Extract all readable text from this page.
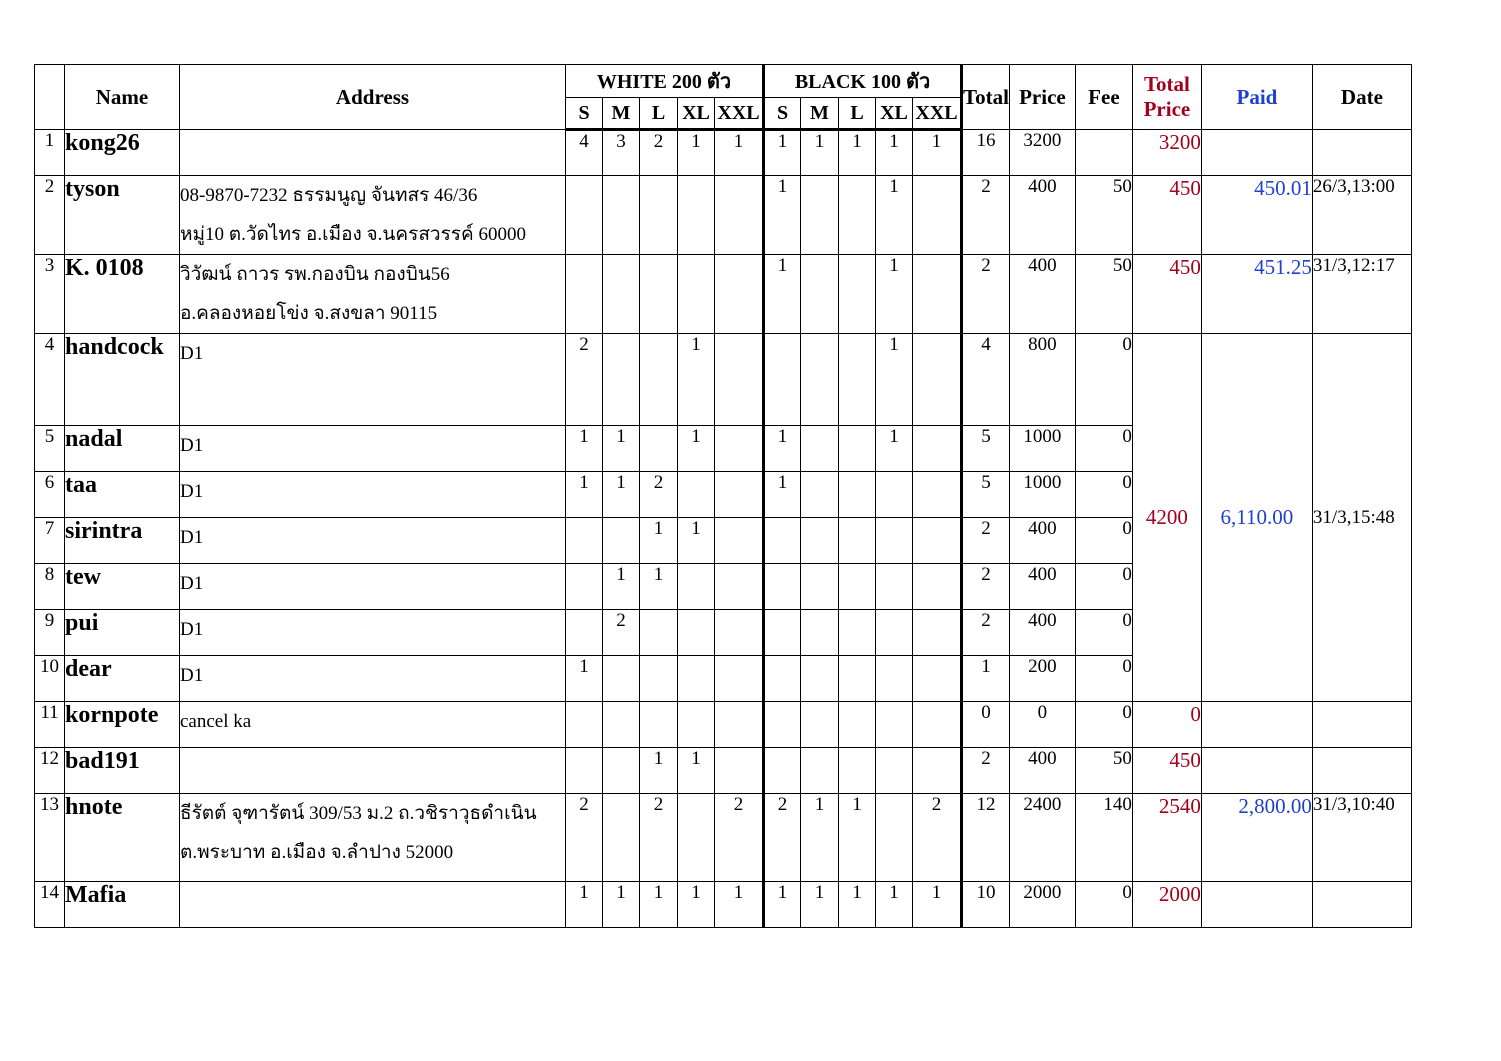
	Name	Address	WHITE 200 ตัว					BLACK 100 ตัว					Total	Price	Fee	Total Price	Paid	Date
			S	M	L	XL	XXL	S	M	L	XL	XXL						
1	kong26		4	3	2	1	1	1	1	1	1	1	16	3200		3200		
2	tyson	08-9870-7232 ธรรมนูญ จันทสร 46/36
หมู่10 ต.วัดไทร อ.เมือง จ.นครสวรรค์ 60000						1			1		2	400	50	450	450.01	26/3,13:00
3	K. 0108	วิวัฒน์ ถาวร รพ.กองบิน กองบิน56
อ.คลองหอยโข่ง จ.สงขลา 90115						1			1		2	400	50	450	451.25	31/3,12:17
4	handcock	D1	2			1					1		4	800	0	4200	6,110.00	31/3,15:48
5	nadal	D1	1	1		1		1			1		5	1000	0			
6	taa	D1	1	1	2			1					5	1000	0			
7	sirintra	D1			1	1							2	400	0			
8	tew	D1		1	1								2	400	0			
9	pui	D1		2									2	400	0			
10	dear	D1	1										1	200	0			
11	kornpote	cancel ka											0	0	0	0		
12	bad191				1	1							2	400	50	450		
13	hnote	ธีรัตต์ จุฑารัตน์ 309/53 ม.2 ถ.วชิราวุธดำเนิน
ต.พระบาท อ.เมือง จ.ลำปาง 52000	2		2		2	2	1	1		2	12	2400	140	2540	2,800.00	31/3,10:40
14	Mafia		1	1	1	1	1	1	1	1	1	1	10	2000	0	2000		
